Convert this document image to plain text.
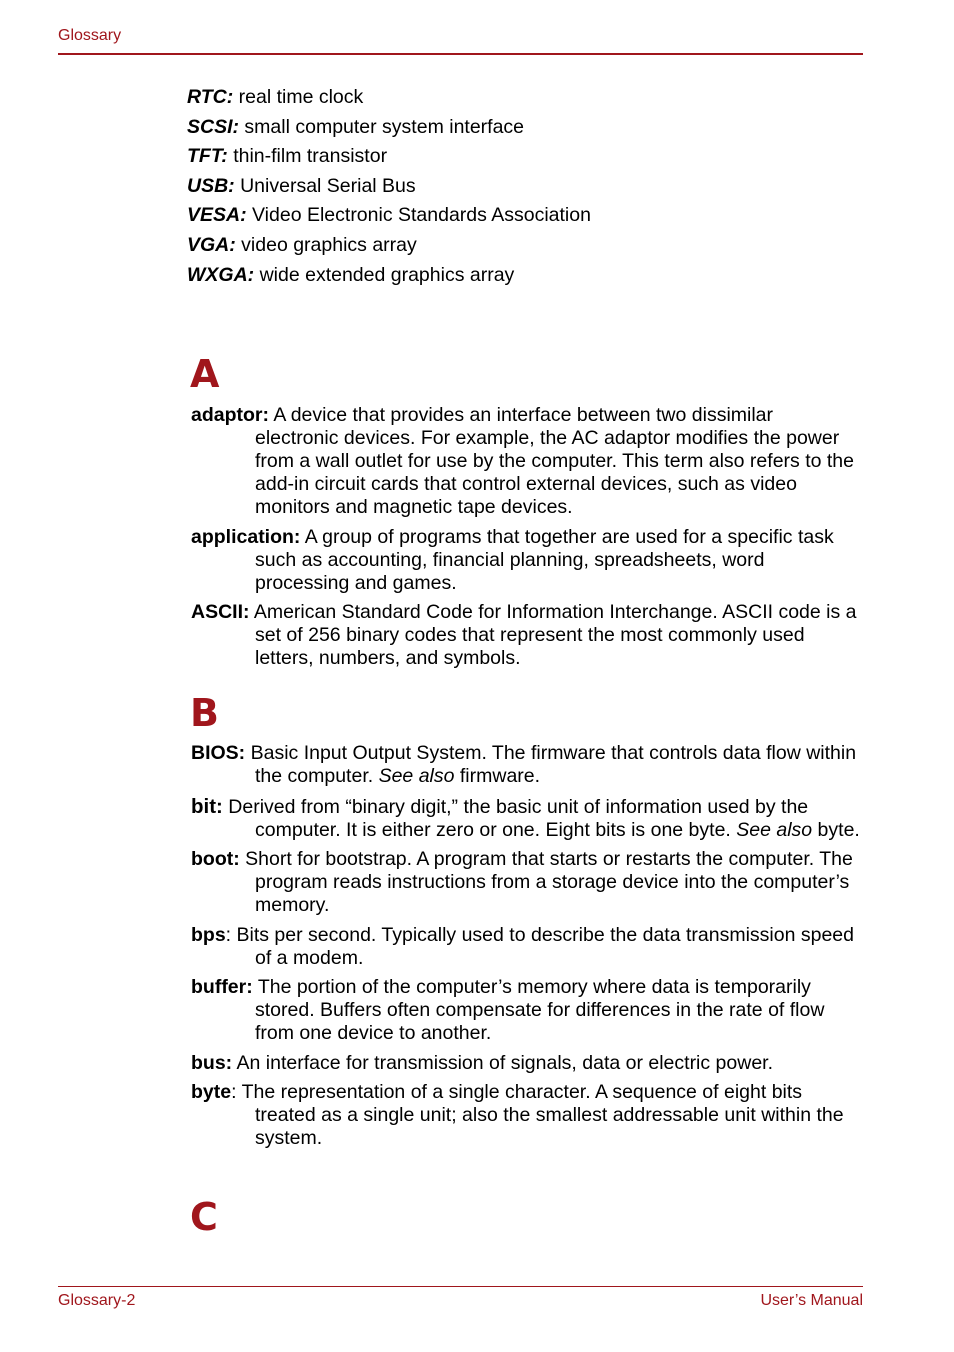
Glossary
RTC: real time clock
SCSI: small computer system interface
TFT: thin-film transistor
USB: Universal Serial Bus
VESA: Video Electronic Standards Association
VGA: video graphics array
WXGA: wide extended graphics array
A
adaptor: A device that provides an interface between two dissimilar electronic devices. For example, the AC adaptor modifies the power from a wall outlet for use by the computer. This term also refers to the add-in circuit cards that control external devices, such as video monitors and magnetic tape devices.
application: A group of programs that together are used for a specific task such as accounting, financial planning, spreadsheets, word processing and games.
ASCII: American Standard Code for Information Interchange. ASCII code is a set of 256 binary codes that represent the most commonly used letters, numbers, and symbols.
B
BIOS: Basic Input Output System. The firmware that controls data flow within the computer. See also firmware.
bit: Derived from “binary digit,” the basic unit of information used by the computer. It is either zero or one. Eight bits is one byte. See also byte.
boot: Short for bootstrap. A program that starts or restarts the computer. The program reads instructions from a storage device into the computer’s memory.
bps: Bits per second. Typically used to describe the data transmission speed of a modem.
buffer: The portion of the computer’s memory where data is temporarily stored. Buffers often compensate for differences in the rate of flow from one device to another.
bus: An interface for transmission of signals, data or electric power.
byte: The representation of a single character. A sequence of eight bits treated as a single unit; also the smallest addressable unit within the system.
C
Glossary-2	User’s Manual
